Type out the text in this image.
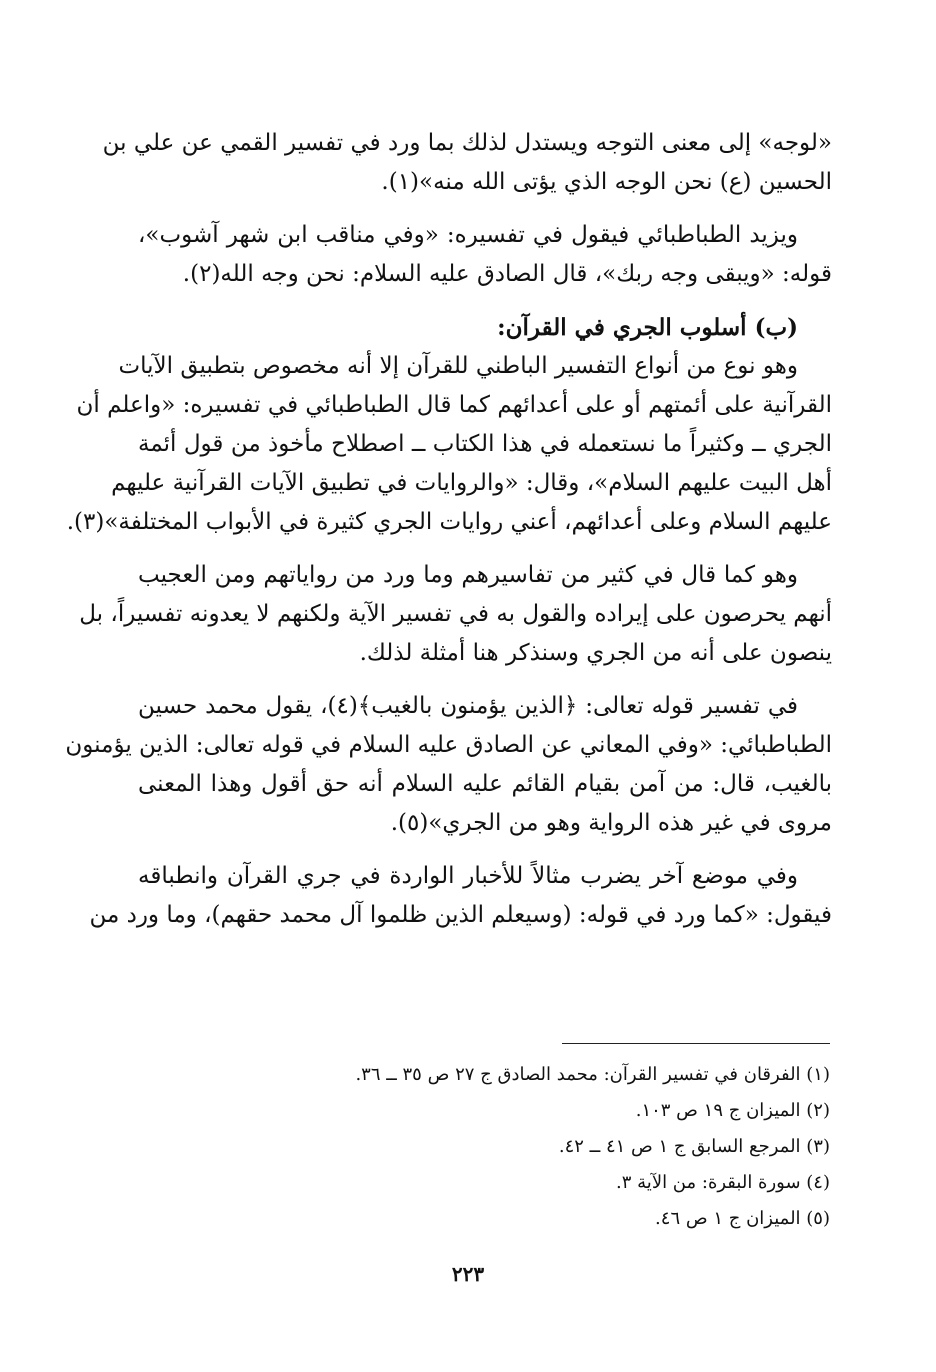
«لوجه» إلى معنى التوجه ويستدل لذلك بما ورد في تفسير القمي عن علي بن
الحسين (ع) نحن الوجه الذي يؤتى الله منه»(١).
ويزيد الطباطبائي فيقول في تفسيره: «وفي مناقب ابن شهر آشوب»،
قوله: «ويبقى وجه ربك»، قال الصادق عليه السلام: نحن وجه الله(٢).
(ب) أسلوب الجري في القرآن:
وهو نوع من أنواع التفسير الباطني للقرآن إلا أنه مخصوص بتطبيق الآيات
القرآنية على أئمتهم أو على أعدائهم كما قال الطباطبائي في تفسيره: «واعلم أن
الجري ــ وكثيراً ما نستعمله في هذا الكتاب ــ اصطلاح مأخوذ من قول أئمة
أهل البيت عليهم السلام»، وقال: «والروايات في تطبيق الآيات القرآنية عليهم
عليهم السلام وعلى أعدائهم، أعني روايات الجري كثيرة في الأبواب المختلفة»(٣).
وهو كما قال في كثير من تفاسيرهم وما ورد من رواياتهم ومن العجيب
أنهم يحرصون على إيراده والقول به في تفسير الآية ولكنهم لا يعدونه تفسيراً، بل
ينصون على أنه من الجري وسنذكر هنا أمثلة لذلك.
في تفسير قوله تعالى: ﴿الذين يؤمنون بالغيب﴾(٤)، يقول محمد حسين
الطباطبائي: «وفي المعاني عن الصادق عليه السلام في قوله تعالى: الذين يؤمنون
بالغيب، قال: من آمن بقيام القائم عليه السلام أنه حق أقول وهذا المعنى
مروى في غير هذه الرواية وهو من الجري»(٥).
وفي موضع آخر يضرب مثالاً للأخبار الواردة في جري القرآن وانطباقه
فيقول: «كما ورد في قوله: (وسيعلم الذين ظلموا آل محمد حقهم)، وما ورد من
(١) الفرقان في تفسير القرآن: محمد الصادق ج ٢٧ ص ٣٥ ــ ٣٦.
(٢) الميزان ج ١٩ ص ١٠٣.
(٣) المرجع السابق ج ١ ص ٤١ ــ ٤٢.
(٤) سورة البقرة: من الآية ٣.
(٥) الميزان ج ١ ص ٤٦.
٢٢٣
